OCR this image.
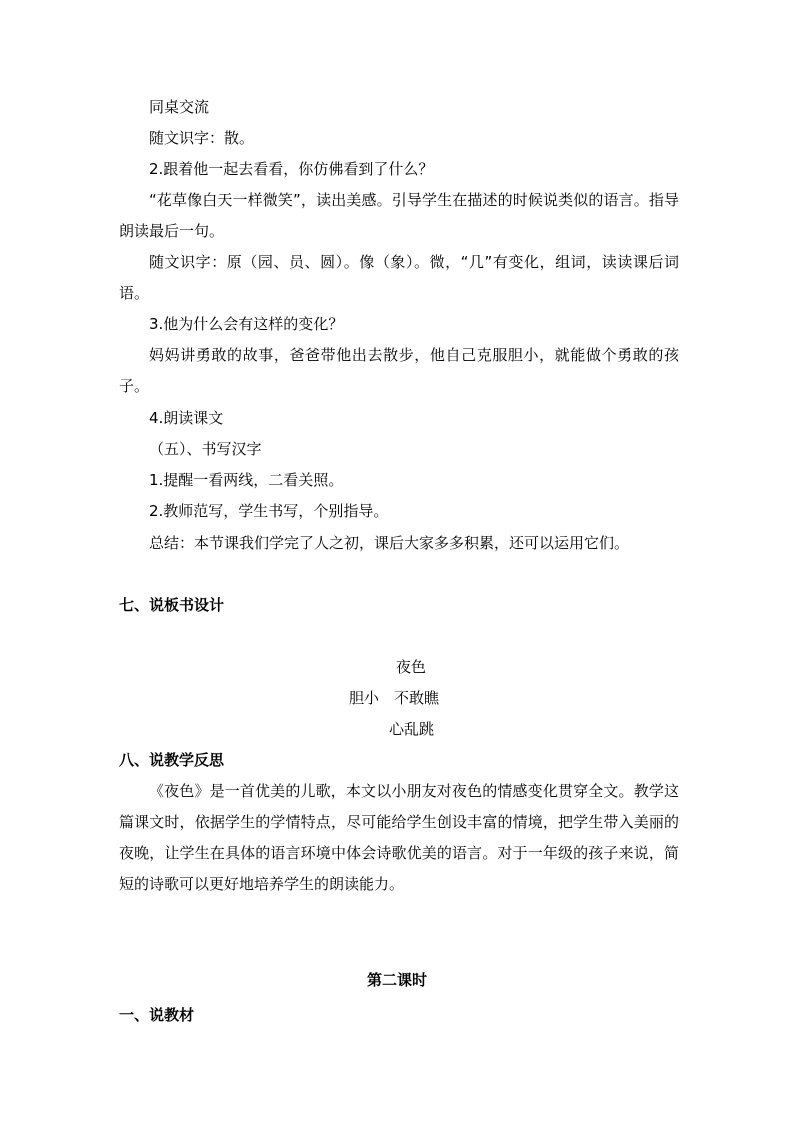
同桌交流
随文识字：散。
2.跟着他一起去看看，你仿佛看到了什么？
“花草像白天一样微笑”，读出美感。引导学生在描述的时候说类似的语言。指导朗读最后一句。
随文识字：原（园、员、圆）。像（象）。微，“几”有变化，组词，读读课后词语。
3.他为什么会有这样的变化？
妈妈讲勇敢的故事，爸爸带他出去散步，他自己克服胆小，就能做个勇敢的孩子。
4.朗读课文
（五）、书写汉字
1.提醒一看两线，二看关照。
2.教师范写，学生书写，个别指导。
总结：本节课我们学完了人之初，课后大家多多积累，还可以运用它们。
七、说板书设计
夜色
胆小　不敢瞧
心乱跳
八、说教学反思
《夜色》是一首优美的儿歌，本文以小朋友对夜色的情感变化贯穿全文。教学这篇课文时，依据学生的学情特点，尽可能给学生创设丰富的情境，把学生带入美丽的夜晚，让学生在具体的语言环境中体会诗歌优美的语言。对于一年级的孩子来说，简短的诗歌可以更好地培养学生的朗读能力。
第二课时
一、说教材
